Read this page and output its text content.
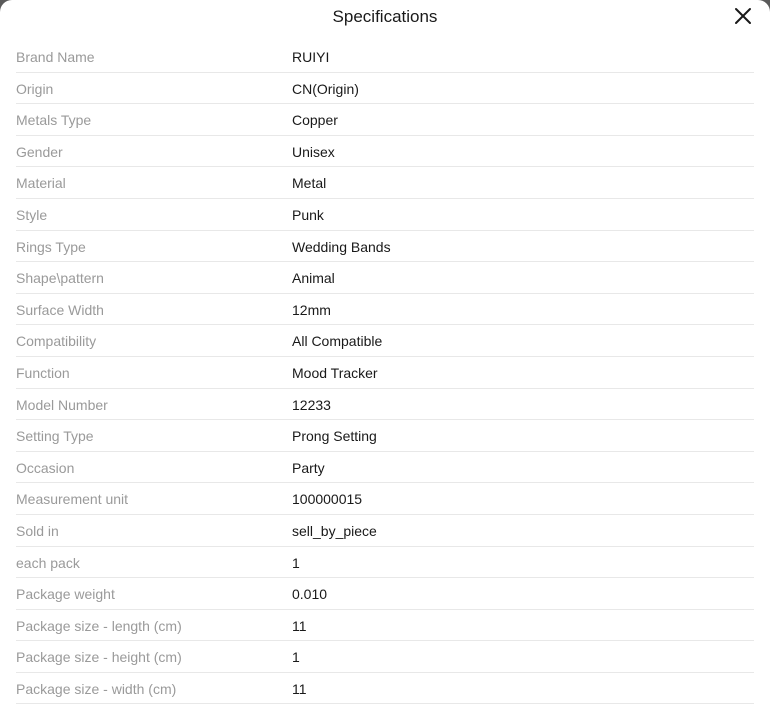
Specifications
Brand Name	RUIYI
Origin	CN(Origin)
Metals Type	Copper
Gender	Unisex
Material	Metal
Style	Punk
Rings Type	Wedding Bands
Shape\pattern	Animal
Surface Width	12mm
Compatibility	All Compatible
Function	Mood Tracker
Model Number	12233
Setting Type	Prong Setting
Occasion	Party
Measurement unit	100000015
Sold in	sell_by_piece
each pack	1
Package weight	0.010
Package size - length (cm)	11
Package size - height (cm)	1
Package size - width (cm)	11
